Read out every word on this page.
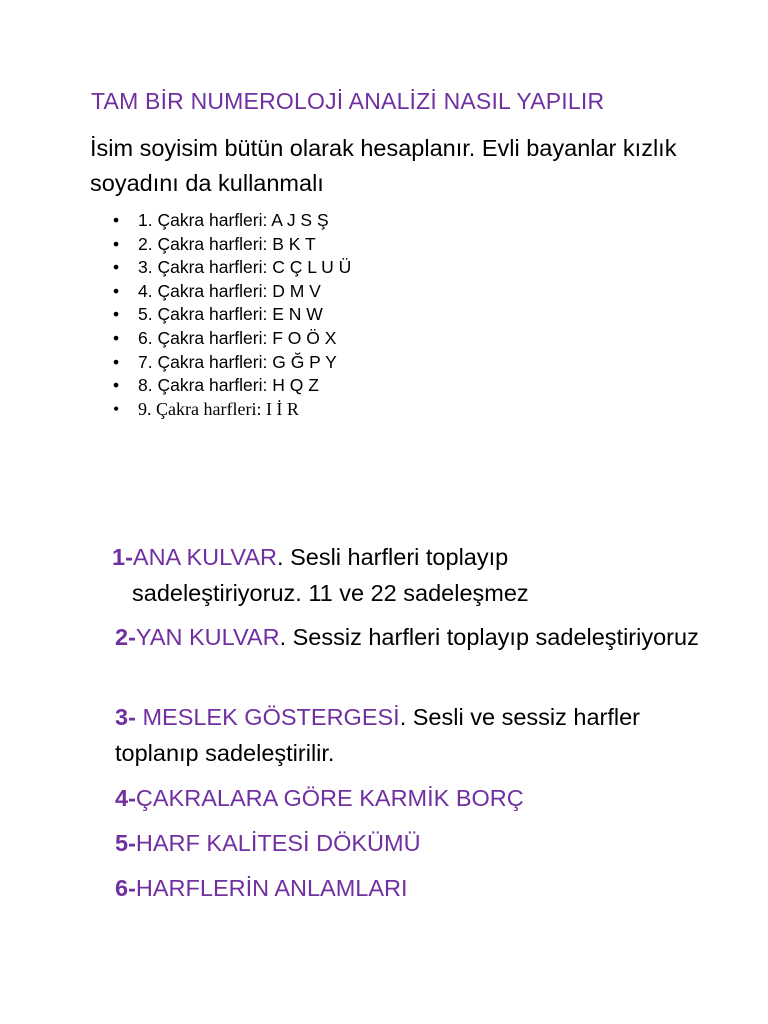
TAM BİR NUMEROLOJİ ANALİZİ NASIL YAPILIR
İsim soyisim bütün olarak hesaplanır. Evli bayanlar kızlık soyadını da kullanmalı
• 1. Çakra harfleri: A J S Ş
• 2. Çakra harfleri: B K T
• 3. Çakra harfleri: C Ç L U Ü
• 4. Çakra harfleri: D M V
• 5. Çakra harfleri: E N W
• 6. Çakra harfleri: F O Ö X
• 7. Çakra harfleri: G Ğ P Y
• 8. Çakra harfleri: H Q Z
• 9. Çakra harfleri: I İ R
1-ANA KULVAR. Sesli harfleri toplayıp
sadeleştiriyoruz. 11 ve 22 sadeleşmez
2-YAN KULVAR. Sessiz harfleri toplayıp sadeleştiriyoruz
3- MESLEK GÖSTERGESİ. Sesli ve sessiz harfler toplanıp sadeleştirilir.
4-ÇAKRALARA GÖRE KARMİK BORÇ
5-HARF KALİTESİ DÖKÜMÜ
6-HARFLERİN ANLAMLARI
